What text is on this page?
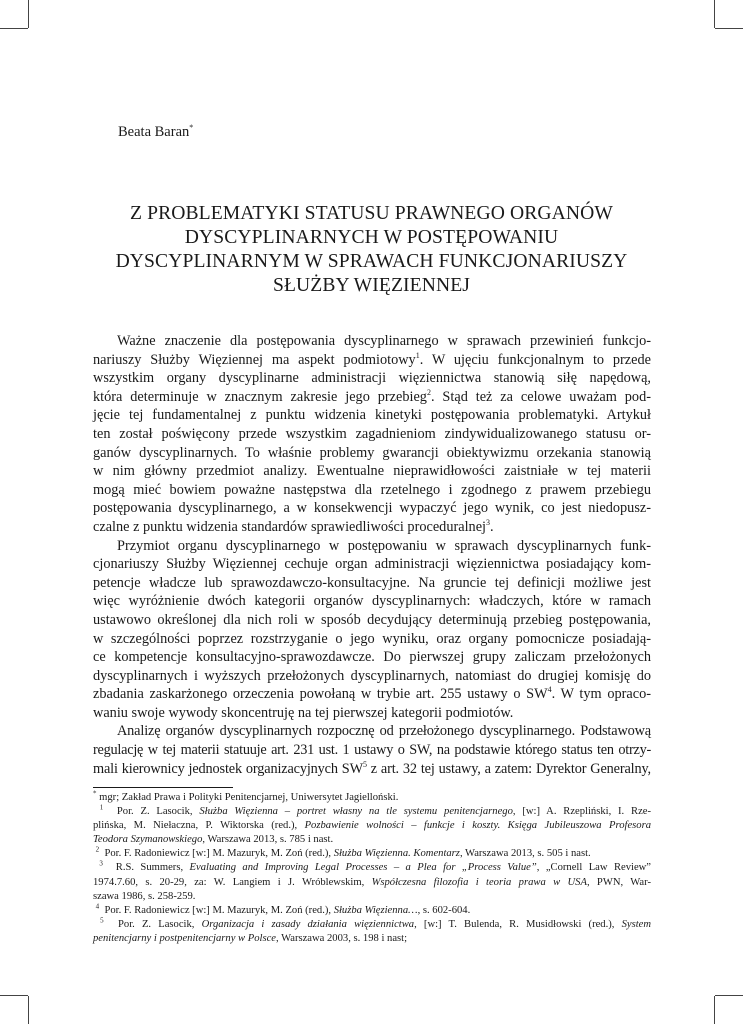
Beata Baran*
Z PROBLEMATYKI STATUSU PRAWNEGO ORGANÓW
DYSCYPLINARNYCH W POSTĘPOWANIU
DYSCYPLINARNYM W SPRAWACH FUNKCJONARIUSZY
SŁUŻBY WIĘZIENNEJ
Ważne znaczenie dla postępowania dyscyplinarnego w sprawach przewinień funkcjo-
nariuszy Służby Więziennej ma aspekt podmiotowy$^1$. W ujęciu funkcjonalnym to przede
wszystkim organy dyscyplinarne administracji więziennictwa stanowią siłę napędową,
która determinuje w znacznym zakresie jego przebieg$^2$. Stąd też za celowe uważam pod-
jęcie tej fundamentalnej z punktu widzenia kinetyki postępowania problematyki. Artykuł
ten został poświęcony przede wszystkim zagadnieniom zindywidualizowanego statusu or-
ganów dyscyplinarnych. To właśnie problemy gwarancji obiektywizmu orzekania stanowią
w nim główny przedmiot analizy. Ewentualne nieprawidłowości zaistniałe w tej materii
mogą mieć bowiem poważne następstwa dla rzetelnego i zgodnego z prawem przebiegu
postępowania dyscyplinarnego, a w konsekwencji wypaczyć jego wynik, co jest niedopusz-
czalne z punktu widzenia standardów sprawiedliwości proceduralnej$^3$.
Przymiot organu dyscyplinarnego w postępowaniu w sprawach dyscyplinarnych funk-
cjonariuszy Służby Więziennej cechuje organ administracji więziennictwa posiadający kom-
petencje władcze lub sprawozdawczo-konsultacyjne. Na gruncie tej definicji możliwe jest
więc wyróżnienie dwóch kategorii organów dyscyplinarnych: władczych, które w ramach
ustawowo określonej dla nich roli w sposób decydujący determinują przebieg postępowania,
w szczególności poprzez rozstrzyganie o jego wyniku, oraz organy pomocnicze posiadają-
ce kompetencje konsultacyjno-sprawozdawcze. Do pierwszej grupy zaliczam przełożonych
dyscyplinarnych i wyższych przełożonych dyscyplinarnych, natomiast do drugiej komisję do
zbadania zaskarżonego orzeczenia powołaną w trybie art. 255 ustawy o $SW^4$. W tym opraco-
waniu swoje wywody skoncentruję na tej pierwszej kategorii podmiotów.
Analizę organów dyscyplinarnych rozpocznę od przełożonego dyscyplinarnego. Podstawową
regulację w tej materii statuuje art. 231 ust. 1 ustawy o SW, na podstawie którego status ten otrzy-
mali kierownicy jednostek organizacyjnych $SW^5$ z art. 32 tej ustawy, a zatem: Dyrektor Generalny,
* mgr; Zakład Prawa i Polityki Penitencjarnej, Uniwersytet Jagielloński.
$^1$ Por. Z. Lasocik, Służba Więzienna – portret własny na tle systemu penitencjarnego, [w:] A. Rzepliński, I. Rze-
plińska, M. Niełaczna, P. Wiktorska (red.), Pozbawienie wolności – funkcje i koszty. Księga Jubileuszowa Profesora
Teodora Szymanowskiego, Warszawa 2013, s. 785 i nast.
$^2$ Por. F. Radoniewicz [w:] M. Mazuryk, M. Zoń (red.), Służba Więzienna. Komentarz, Warszawa 2013, s. 505 i nast.
$^3$ R.S. Summers, Evaluating and Improving Legal Processes – a Plea for „Process Value”, „Cornell Law Review”
1974.7.60, s. 20-29, za: W. Langiem i J. Wróblewskim, Współczesna filozofia i teoria prawa w USA, PWN, War-
szawa 1986, s. 258-259.
$^4$ Por. F. Radoniewicz [w:] M. Mazuryk, M. Zoń (red.), Służba Więzienna…, s. 602-604.
$^5$ Por. Z. Lasocik, Organizacja i zasady działania więziennictwa, [w:] T. Bulenda, R. Musidłowski (red.), System
penitencjarny i postpenitencjarny w Polsce, Warszawa 2003, s. 198 i nast;
